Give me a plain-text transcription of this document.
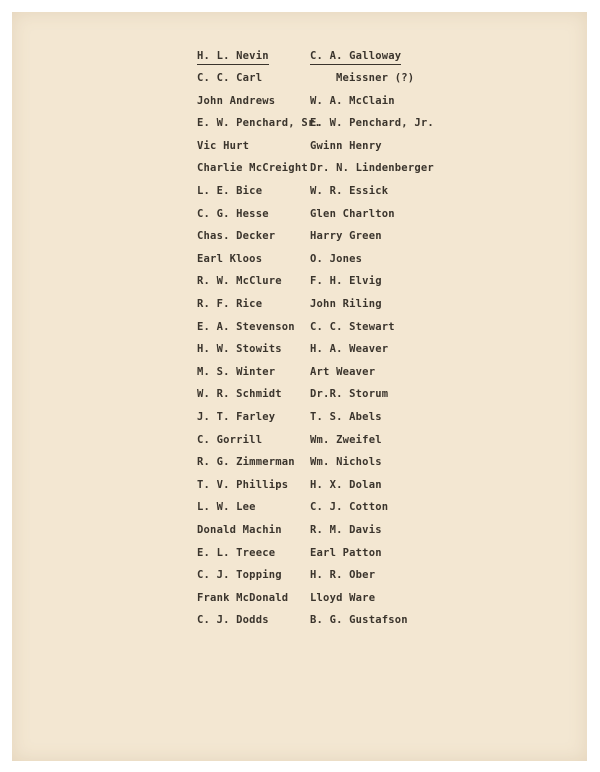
H. L. Nevin
C. C. Carl
John Andrews
E. W. Penchard, Sr.
Vic Hurt
Charlie McCreight
L. E. Bice
C. G. Hesse
Chas. Decker
Earl Kloos
R. W. McClure
R. F. Rice
E. A. Stevenson
H. W. Stowits
M. S. Winter
W. R. Schmidt
J. T. Farley
C. Gorrill
R. G. Zimmerman
T. V. Phillips
L. W. Lee
Donald Machin
E. L. Treece
C. J. Topping
Frank McDonald
C. J. Dodds
C. A. Galloway
Meissner (?)
W. A. McClain
E. W. Penchard, Jr.
Gwinn Henry
Dr. N. Lindenberger
W. R. Essick
Glen Charlton
Harry Green
O. Jones
F. H. Elvig
John Riling
C. C. Stewart
H. A. Weaver
Art Weaver
Dr.R. Storum
T. S. Abels
Wm. Zweifel
Wm. Nichols
H. X. Dolan
C. J. Cotton
R. M. Davis
Earl Patton
H. R. Ober
Lloyd Ware
B. G. Gustafson
